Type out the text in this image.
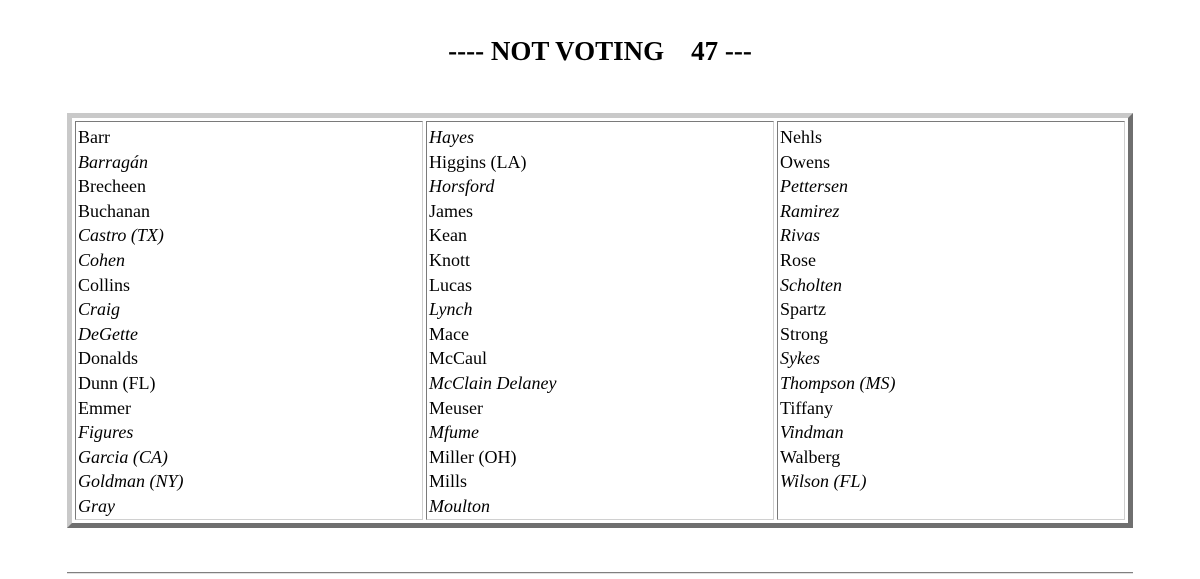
---- NOT VOTING    47 ---
Barr
Barragán
Brecheen
Buchanan
Castro (TX)
Cohen
Collins
Craig
DeGette
Donalds
Dunn (FL)
Emmer
Figures
Garcia (CA)
Goldman (NY)
Gray

Hayes
Higgins (LA)
Horsford
James
Kean
Knott
Lucas
Lynch
Mace
McCaul
McClain Delaney
Meuser
Mfume
Miller (OH)
Mills
Moulton

Nehls
Owens
Pettersen
Ramirez
Rivas
Rose
Scholten
Spartz
Strong
Sykes
Thompson (MS)
Tiffany
Vindman
Walberg
Wilson (FL)
